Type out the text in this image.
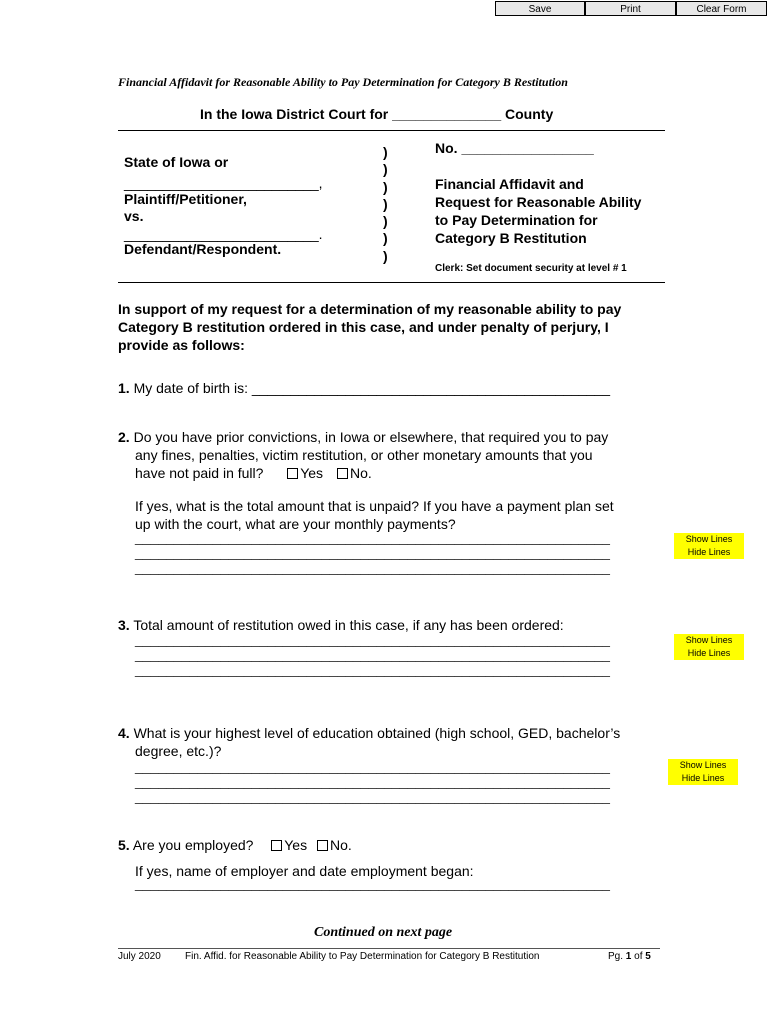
Save	Print	Clear Form
Financial Affidavit for Reasonable Ability to Pay Determination for Category B Restitution
In the Iowa District Court for ______________ County
State of Iowa or
_________________________,
Plaintiff/Petitioner,
vs.
_________________________.
Defendant/Respondent.
)
)
)
)
)
)
)
No. _________________
Financial Affidavit and
Request for Reasonable Ability
to Pay Determination for
Category B Restitution
Clerk: Set document security at level # 1
In support of my request for a determination of my reasonable ability to pay
Category B restitution ordered in this case, and under penalty of perjury, I
provide as follows:
1. My date of birth is: ______________________________________________
2. Do you have prior convictions, in Iowa or elsewhere, that required you to pay
any fines, penalties, victim restitution, or other monetary amounts that you
have not paid in full?	Yes No.
If yes, what is the total amount that is unpaid? If you have a payment plan set
up with the court, what are your monthly payments?
_____________________________________________________________
_____________________________________________________________
_____________________________________________________________
Show Lines
Hide Lines
3. Total amount of restitution owed in this case, if any has been ordered:
_____________________________________________________________
_____________________________________________________________
_____________________________________________________________
Show Lines
Hide Lines
4. What is your highest level of education obtained (high school, GED, bachelor’s
degree, etc.)?
_____________________________________________________________
_____________________________________________________________
_____________________________________________________________
Show Lines
Hide Lines
5. Are you employed? Yes No.
If yes, name of employer and date employment began:
_____________________________________________________________
Continued on next page
July 2020 Fin. Affid. for Reasonable Ability to Pay Determination for Category B Restitution	Pg. 1 of 5
